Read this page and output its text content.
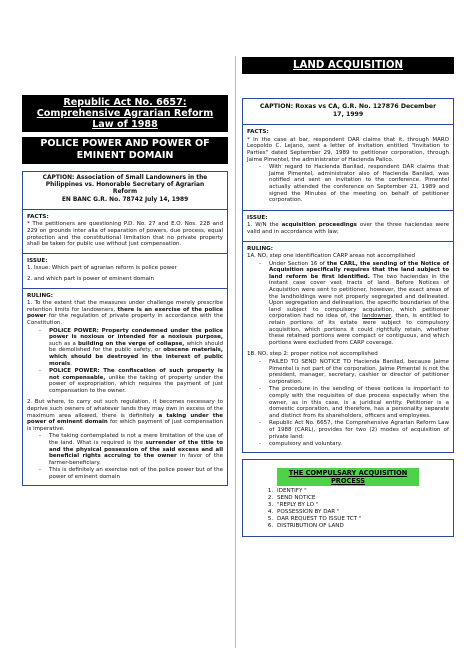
Republic Act No. 6657: Comprehensive Agrarian Reform Law of 1988
POLICE POWER AND POWER OF EMINENT DOMAIN
CAPTION: Association of Small Landowners in the
Philippines vs. Honorable Secretary of Agrarian
Reform
EN BANC G.R. No. 78742 July 14, 1989
FACTS:

* The petitioners are questioning P.D. No. 27 and E.O. Nos. 228 and 229 on grounds inter alia of separation of powers, due process, equal protection and the constitutional limitation that no private property shall be taken for public use without just compensation.

ISSUE:

1. Issue: Which part of agrarian reform is police power

2. and which part is power of eminent domain

RULING:

1. To the extent that the measures under challenge merely prescribe retention limits for landowners, there is an exercise of the police power for the regulation of private property in accordance with the Constitution.

- POLICE POWER: Property condemned under the police power is noxious or intended for a noxious purpose, such as a building on the verge of collapse, which should be demolished for the public safety, or obscene materials, which should be destroyed in the interest of public morals.
- POLICE POWER: The confiscation of such property is not compensable, unlike the taking of property under the power of expropriation, which requires the payment of just compensation to the owner.

2. But where, to carry out such regulation, it becomes necessary to deprive such owners of whatever lands they may own in excess of the maximum area allowed, there is definitely a taking under the power of eminent domain for which payment of just compensation is imperative.

- The taking contemplated is not a mere limitation of the use of the land. What is required is the surrender of the title to and the physical possession of the said excess and all beneficial rights accruing to the owner in favor of the farmer-beneficiary.
- This is definitely an exercise not of the police power but of the power of eminent domain
LAND ACQUISITION
CAPTION: Roxas vs CA, G.R. No. 127876 December
17, 1999
FACTS:

* In the case at bar, respondent DAR claims that it, through MARO Leopoldo C. Lejano, sent a letter of invitation entitled "Invitation to Parties" dated September 29, 1989 to petitioner corporation, through Jaime Pimentel, the administrator of Hacienda Palico.

- With regard to Hacienda Banilad, respondent DAR claims that Jaime Pimentel, administrator also of Hacienda Banilad, was notified and sent an invitation to the conference. Pimentel actually attended the conference on September 21, 1989 and signed the Minutes of the meeting on behalf of petitioner corporation.
ISSUE:

1. W/N the acquisition proceedings over the three haciendas were valid and in accordance with law;

RULING:

1A. NO, step one identification CARP areas not accomplished

- Under Section 16 of the CARL, the sending of the Notice of Acquisition specifically requires that the land subject to land reform be first identified. The two haciendas in the instant case cover vast tracts of land. Before Notices of Acquisition were sent to petitioner, however, the exact areas of the landholdings were not properly segregated and delineated. Upon segregation and delineation, the specific boundaries of the land subject to compulsory acquisition, which petitioner corporation had no idea of, the landowner, then, is entitled to retain portions of its estate were subject to compulsory acquisition, which portions it could rightfully retain, whether these retained portions were compact or contiguous, and which portions were excluded from CARP coverage.

1B. NO, step 2: proper notice not accomplished

- FAILED TO SEND NOTICE TO Hacienda Banilad, because Jaime Pimentel is not part of the corporation. Jaime Pimentel is not the president, manager, secretary, cashier or director of petitioner corporation.
- The procedure in the sending of these notices is important to comply with the requisites of due process especially when the owner, as in this case, is a juridical entity. Petitioner is a domestic corporation, and therefore, has a personality separate and distinct from its shareholders, officers and employees.
- Republic Act No. 6657, the Comprehensive Agrarian Reform Law of 1988 (CARL), provides for two (2) modes of acquisition of private land:
- compulsory and voluntary.
THE COMPULSARY ACQUISITION PROCESS
1. IDENTIFY "
2. SEND NOTICE
3. "REPLY BY LO "
4. POSSESSION BY DAR "
5. DAR REQUEST TO ISSUE TCT "
6. DISTRIBUTION OF LAND
